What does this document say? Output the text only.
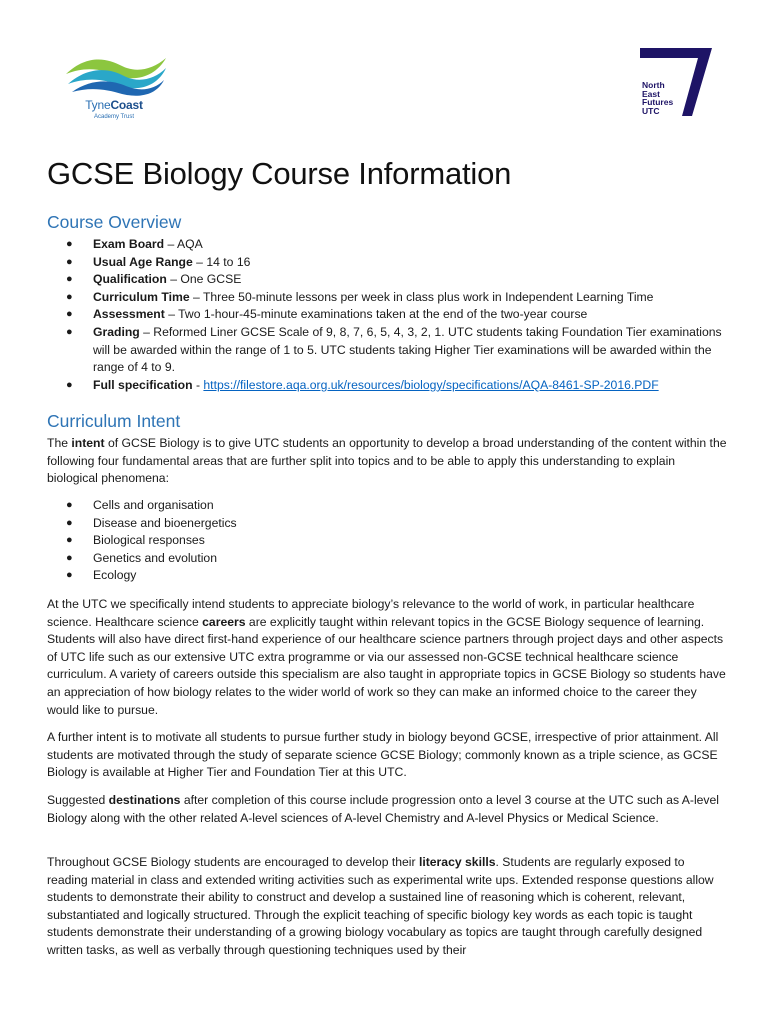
TyneCoast
Academy Trust
North
East
Futures
UTC
GCSE Biology Course Information
Course Overview
● Exam Board – AQA
● Usual Age Range – 14 to 16
● Qualification – One GCSE
● Curriculum Time – Three 50-minute lessons per week in class plus work in Independent Learning Time
● Assessment – Two 1-hour-45-minute examinations taken at the end of the two-year course
● Grading – Reformed Liner GCSE Scale of 9, 8, 7, 6, 5, 4, 3, 2, 1. UTC students taking Foundation Tier examinations will be awarded within the range of 1 to 5. UTC students taking Higher Tier examinations will be awarded within the range of 4 to 9.
● Full specification - https://filestore.aqa.org.uk/resources/biology/specifications/AQA-8461-SP-2016.PDF
Curriculum Intent

The intent of GCSE Biology is to give UTC students an opportunity to develop a broad understanding of the content within the following four fundamental areas that are further split into topics and to be able to apply this understanding to explain biological phenomena:

● Cells and organisation
● Disease and bioenergetics
● Biological responses
● Genetics and evolution
● Ecology

At the UTC we specifically intend students to appreciate biology’s relevance to the world of work, in particular healthcare science. Healthcare science careers are explicitly taught within relevant topics in the GCSE Biology sequence of learning. Students will also have direct first-hand experience of our healthcare science partners through project days and other aspects of UTC life such as our extensive UTC extra programme or via our assessed non-GCSE technical healthcare science curriculum. A variety of careers outside this specialism are also taught in appropriate topics in GCSE Biology so students have an appreciation of how biology relates to the wider world of work so they can make an informed choice to the career they would like to pursue.

A further intent is to motivate all students to pursue further study in biology beyond GCSE, irrespective of prior attainment. All students are motivated through the study of separate science GCSE Biology; commonly known as a triple science, as GCSE Biology is available at Higher Tier and Foundation Tier at this UTC.

Suggested destinations after completion of this course include progression onto a level 3 course at the UTC such as A-level Biology along with the other related A-level sciences of A-level Chemistry and A-level Physics or Medical Science.

Throughout GCSE Biology students are encouraged to develop their literacy skills. Students are regularly exposed to reading material in class and extended writing activities such as experimental write ups. Extended response questions allow students to demonstrate their ability to construct and develop a sustained line of reasoning which is coherent, relevant, substantiated and logically structured. Through the explicit teaching of specific biology key words as each topic is taught students demonstrate their understanding of a growing biology vocabulary as topics are taught through carefully designed written tasks, as well as verbally through questioning techniques used by their
